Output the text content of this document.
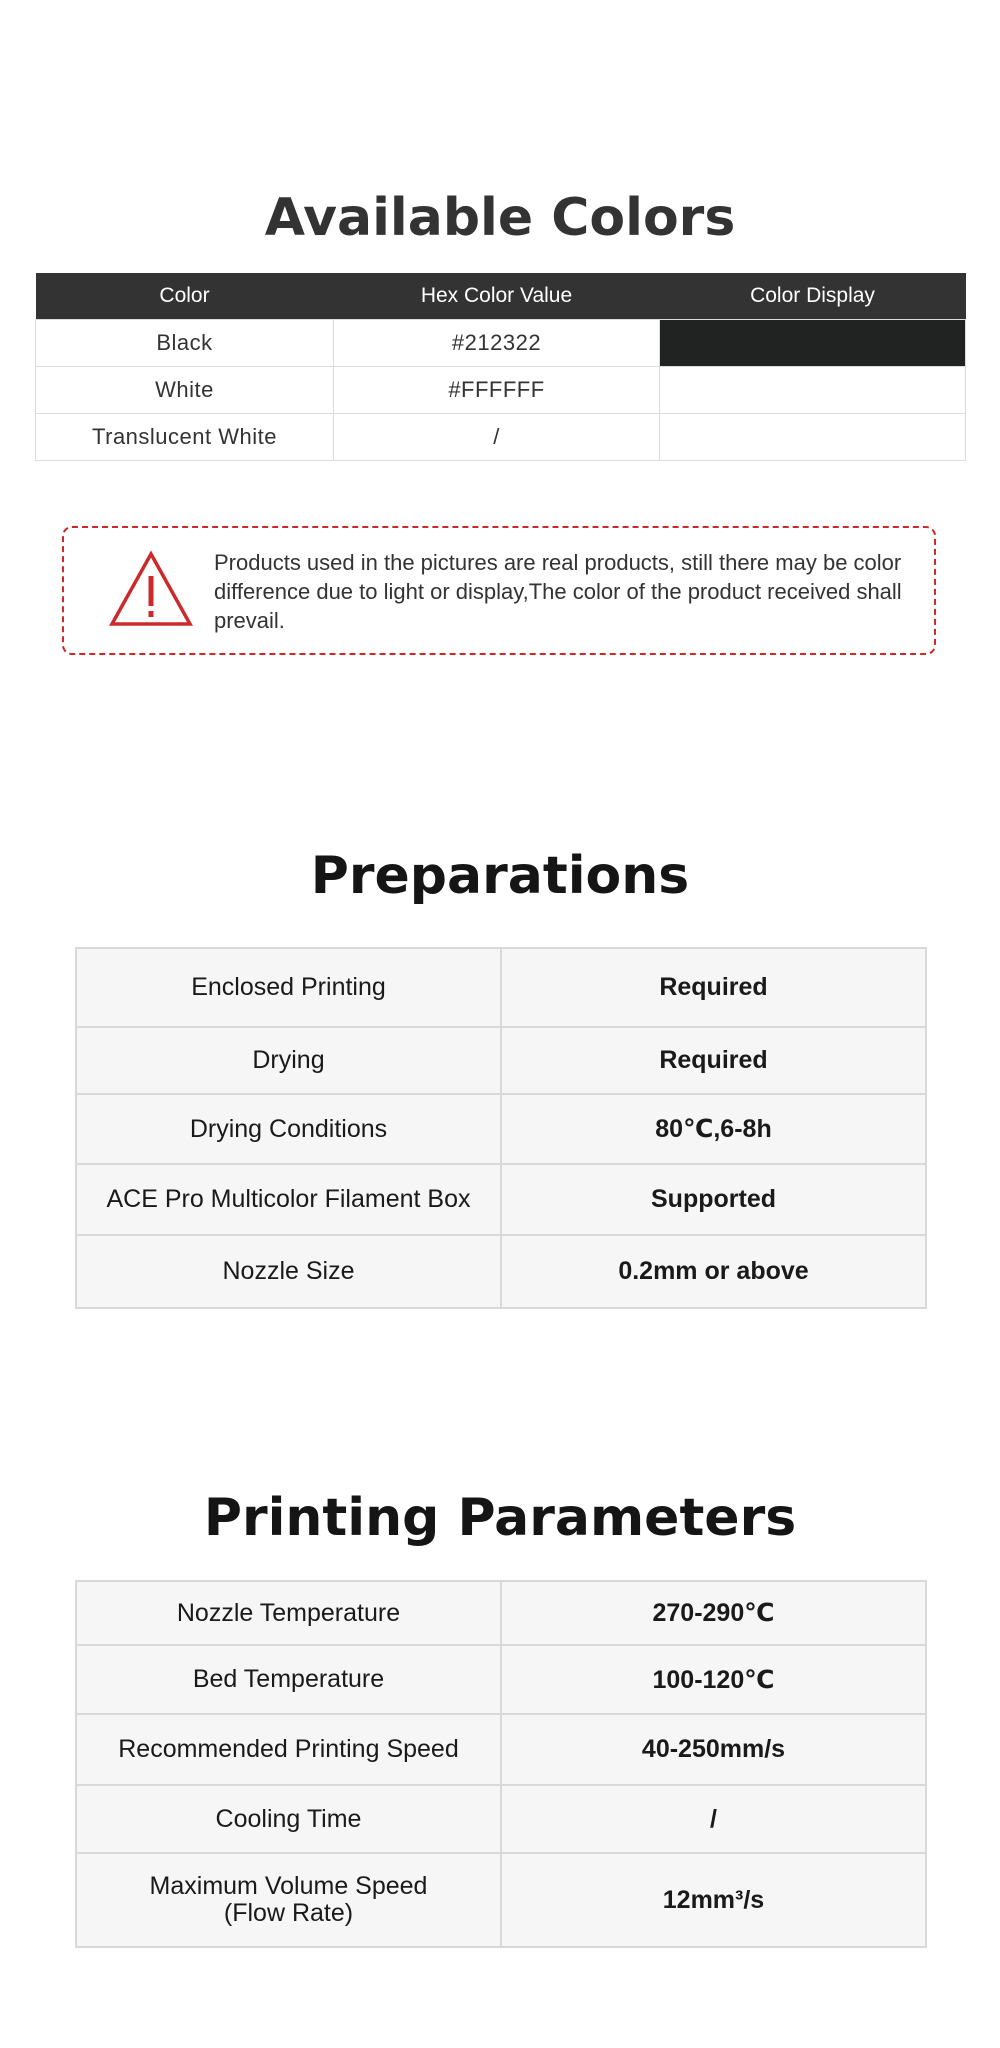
Available Colors
Color	Hex Color Value	Color Display
Black	#212322	
White	#FFFFFF	
Translucent White	/	
Products used in the pictures are real products, still there may be color difference due to light or display,The color of the product received shall prevail.
Preparations
Enclosed Printing	Required
Drying	Required
Drying Conditions	80℃,6-8h
ACE Pro Multicolor Filament Box	Supported
Nozzle Size	0.2mm or above
Printing Parameters
Nozzle Temperature	270-290℃
Bed Temperature	100-120℃
Recommended Printing Speed	40-250mm/s
Cooling Time	/
Maximum Volume Speed
(Flow Rate)	12mm³/s
